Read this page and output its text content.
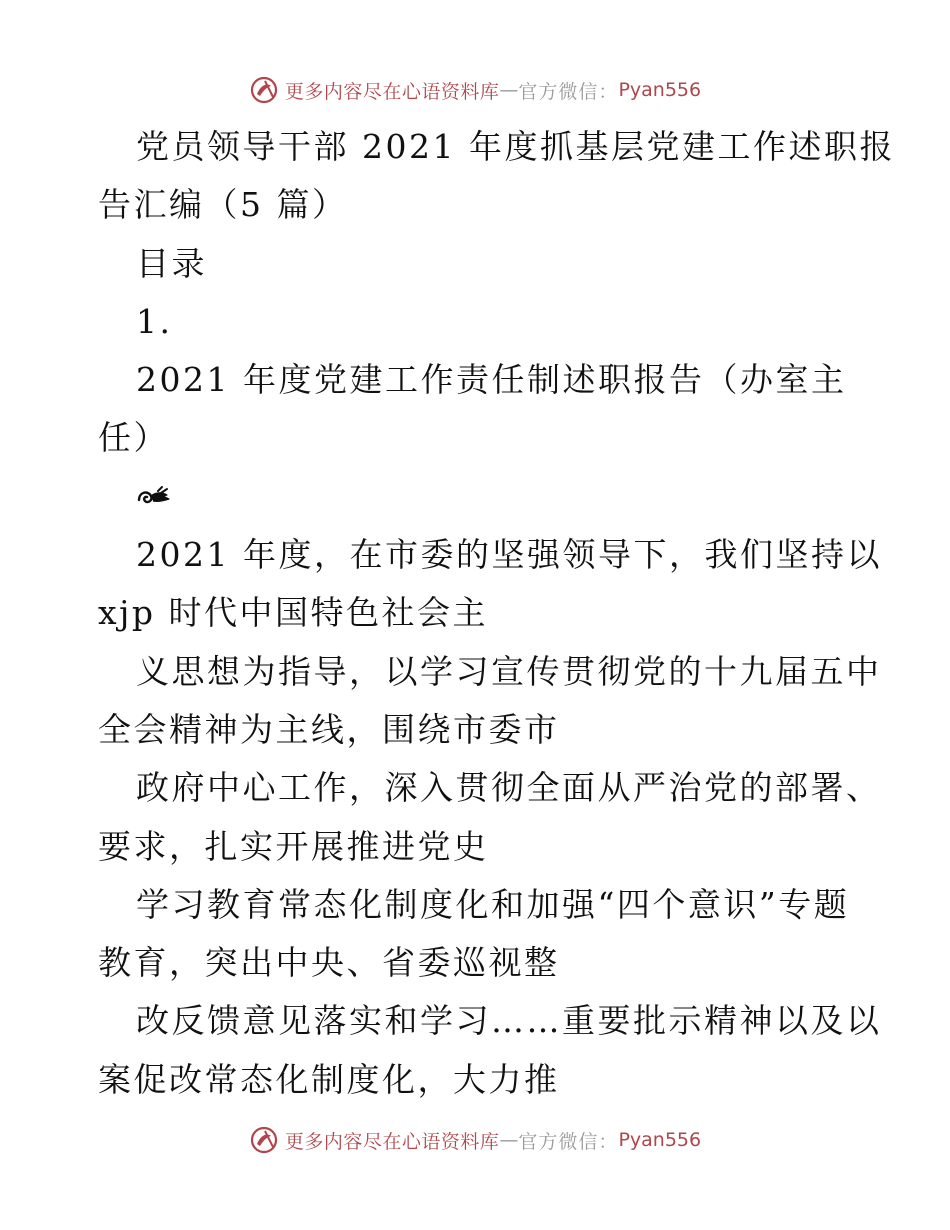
更多内容尽在心语资料库 — 官方微信： Pyan556
党员领导干部 2021 年度抓基层党建工作述职报
告汇编（5 篇）
目录
1.
2021 年度党建工作责任制述职报告（办室主
任）
2021 年度，在市委的坚强领导下，我们坚持以
xjp 时代中国特色社会主
义思想为指导，以学习宣传贯彻党的十九届五中
全会精神为主线，围绕市委市
政府中心工作，深入贯彻全面从严治党的部署、
要求，扎实开展推进党史
学习教育常态化制度化和加强“四个意识”专题
教育，突出中央、省委巡视整
改反馈意见落实和学习……重要批示精神以及以
案促改常态化制度化，大力推
更多内容尽在心语资料库 — 官方微信： Pyan556
